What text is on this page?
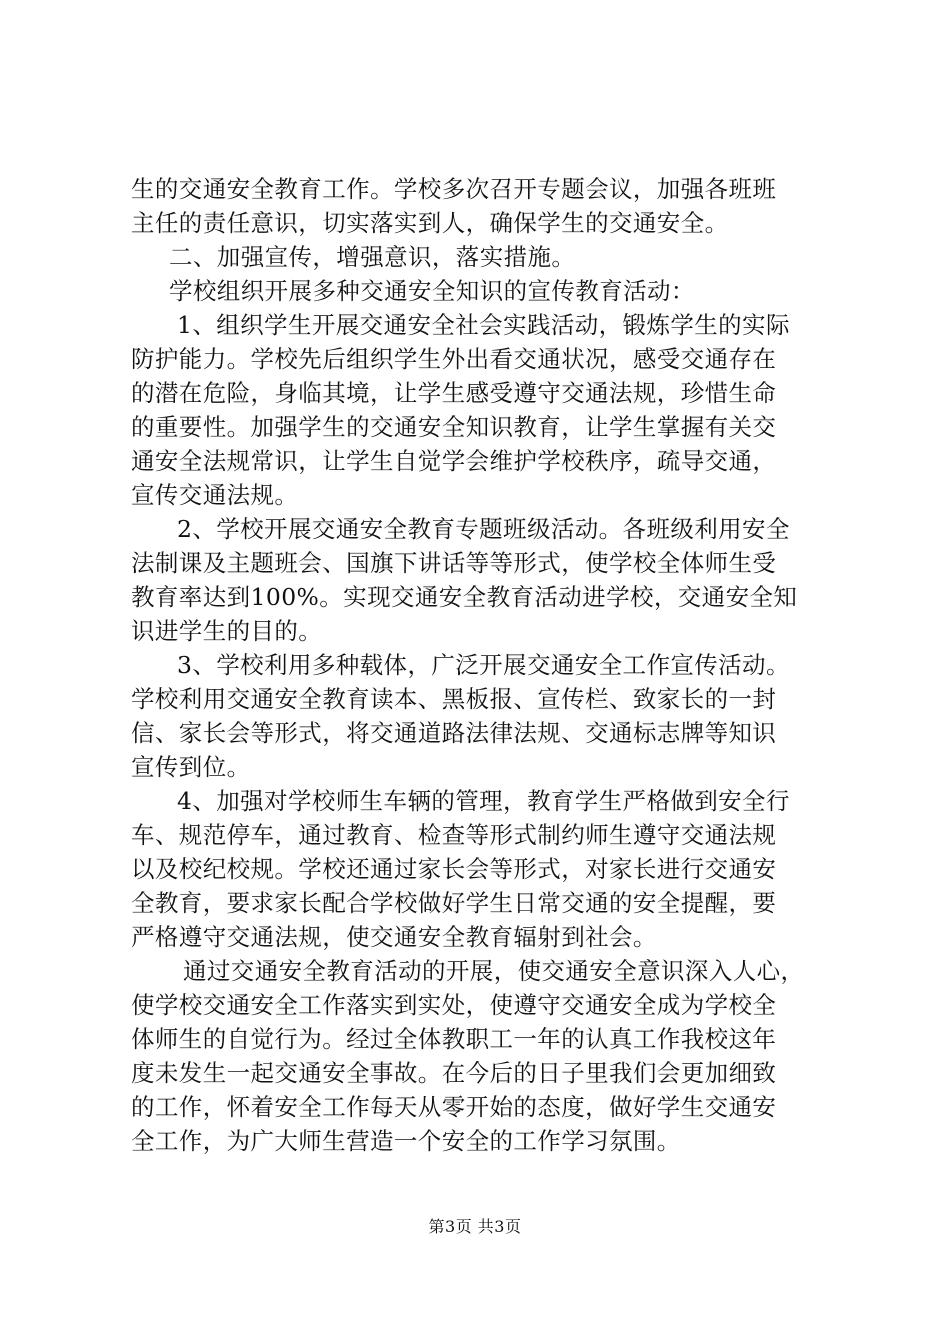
生的交通安全教育工作。学校多次召开专题会议，加强各班班
主任的责任意识，切实落实到人，确保学生的交通安全。
二、加强宣传，增强意识，落实措施。
学校组织开展多种交通安全知识的宣传教育活动：
1、组织学生开展交通安全社会实践活动，锻炼学生的实际
防护能力。学校先后组织学生外出看交通状况，感受交通存在
的潜在危险，身临其境，让学生感受遵守交通法规，珍惜生命
的重要性。加强学生的交通安全知识教育，让学生掌握有关交
通安全法规常识，让学生自觉学会维护学校秩序，疏导交通，
宣传交通法规。
2、学校开展交通安全教育专题班级活动。各班级利用安全
法制课及主题班会、国旗下讲话等等形式，使学校全体师生受
教育率达到100%。实现交通安全教育活动进学校，交通安全知
识进学生的目的。
3、学校利用多种载体，广泛开展交通安全工作宣传活动。
学校利用交通安全教育读本、黑板报、宣传栏、致家长的一封
信、家长会等形式，将交通道路法律法规、交通标志牌等知识
宣传到位。
4、加强对学校师生车辆的管理，教育学生严格做到安全行
车、规范停车，通过教育、检查等形式制约师生遵守交通法规
以及校纪校规。学校还通过家长会等形式，对家长进行交通安
全教育，要求家长配合学校做好学生日常交通的安全提醒，要
严格遵守交通法规，使交通安全教育辐射到社会。
通过交通安全教育活动的开展，使交通安全意识深入人心，
使学校交通安全工作落实到实处，使遵守交通安全成为学校全
体师生的自觉行为。经过全体教职工一年的认真工作我校这年
度未发生一起交通安全事故。在今后的日子里我们会更加细致
的工作，怀着安全工作每天从零开始的态度，做好学生交通安
全工作，为广大师生营造一个安全的工作学习氛围。
第3页 共3页
